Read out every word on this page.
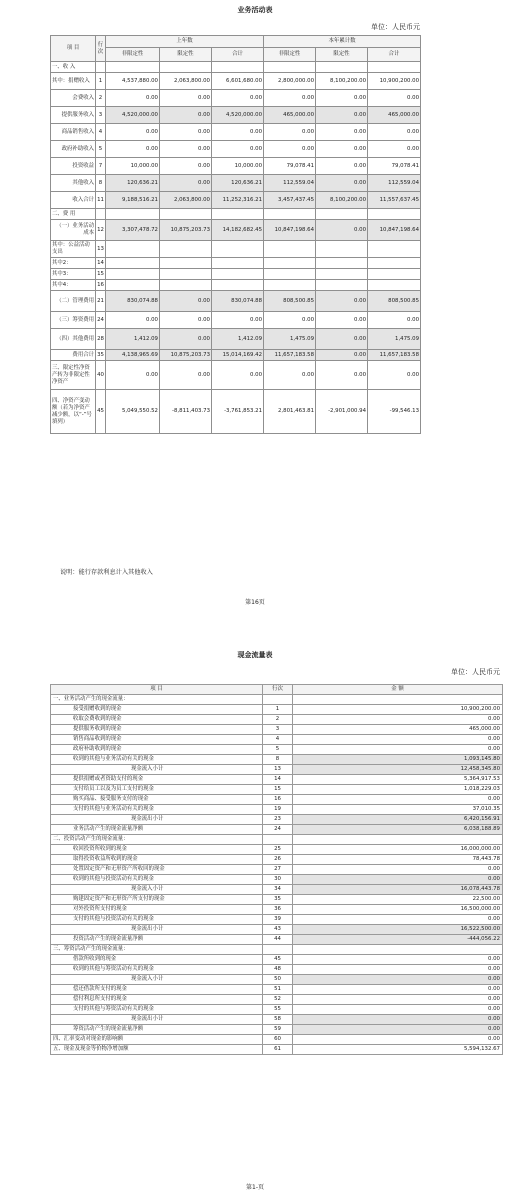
业务活动表
单位：人民币元
项 目	行次	上年数			本年累计数		
		非限定性	限定性	合计	非限定性	限定性	合计
一、收 入							
其中：捐赠收入	1	4,537,880.00	2,063,800.00	6,601,680.00	2,800,000.00	8,100,200.00	10,900,200.00
会费收入	2	0.00	0.00	0.00	0.00	0.00	0.00
提供服务收入	3	4,520,000.00	0.00	4,520,000.00	465,000.00	0.00	465,000.00
商品销售收入	4	0.00	0.00	0.00	0.00	0.00	0.00
政府补助收入	5	0.00	0.00	0.00	0.00	0.00	0.00
投资收益	7	10,000.00	0.00	10,000.00	79,078.41	0.00	79,078.41
其他收入	8	120,636.21	0.00	120,636.21	112,559.04	0.00	112,559.04
收入合计	11	9,188,516.21	2,063,800.00	11,252,316.21	3,457,437.45	8,100,200.00	11,557,637.45
二、费 用							
（一）业务活动成本	12	3,307,478.72	10,875,203.73	14,182,682.45	10,847,198.64	0.00	10,847,198.64
其中：公益活动支出	13						
其中2：	14						
其中3：	15						
其中4：	16						
（二）管理费用	21	830,074.88	0.00	830,074.88	808,500.85	0.00	808,500.85
（三）筹资费用	24	0.00	0.00	0.00	0.00	0.00	0.00
（四）其他费用	28	1,412.09	0.00	1,412.09	1,475.09	0.00	1,475.09
费用合计	35	4,138,965.69	10,875,203.73	15,014,169.42	11,657,183.58	0.00	11,657,183.58
三、限定性净资产转为非限定性净资产	40	0.00	0.00	0.00	0.00	0.00	0.00
四、净资产变动额（若为净资产减少额，以“-”号填列）	45	5,049,550.52	-8,811,403.73	-3,761,853.21	2,801,463.81	-2,901,000.94	-99,546.13
说明：能行存款利息计入其他收入
第16页
现金流量表
单位：人民币元
项 目	行次	金 额
一、业务活动产生的现金流量：		
接受捐赠收到的现金	1	10,900,200.00
收取会费收到的现金	2	0.00
提供服务收到的现金	3	465,000.00
销售商品收到的现金	4	0.00
政府补助收到的现金	5	0.00
收到的其他与业务活动有关的现金	8	1,093,145.80
现金流入小计	13	12,458,345.80
提供捐赠或者资助支付的现金	14	5,364,917.53
支付给员工以及为员工支付的现金	15	1,018,229.03
购买商品、接受服务支付的现金	16	0.00
支付的其他与业务活动有关的现金	19	37,010.35
现金流出小计	23	6,420,156.91
业务活动产生的现金流量净额	24	6,038,188.89
二、投资活动产生的现金流量：		
收回投资所收到的现金	25	16,000,000.00
取得投资收益所收到的现金	26	78,443.78
处置固定资产和无形资产所收回的现金	27	0.00
收到的其他与投资活动有关的现金	30	0.00
现金流入小计	34	16,078,443.78
购建固定资产和无形资产所支付的现金	35	22,500.00
对外投资所支付的现金	36	16,500,000.00
支付的其他与投资活动有关的现金	39	0.00
现金流出小计	43	16,522,500.00
投资活动产生的现金流量净额	44	-444,056.22
三、筹资活动产生的现金流量：		
借款所收到的现金	45	0.00
收到的其他与筹资活动有关的现金	48	0.00
现金流入小计	50	0.00
偿还借款所支付的现金	51	0.00
偿付利息所支付的现金	52	0.00
支付的其他与筹资活动有关的现金	55	0.00
现金流出小计	58	0.00
筹资活动产生的现金流量净额	59	0.00
四、汇率变动对现金的影响额	60	0.00
五、现金及现金等价物净增加额	61	5,594,132.67
第1-页
